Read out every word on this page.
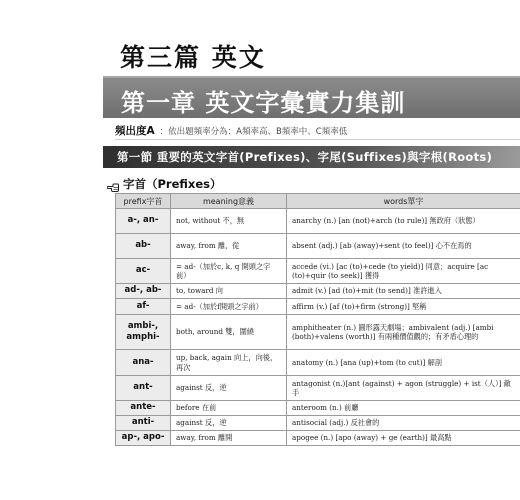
第三篇 英文
第一章 英文字彙實力集訓
頻出度A ：依出題頻率分為：A頻率高、B頻率中、C頻率低
第一節 重要的英文字首(Prefixes)、字尾(Suffixes)與字根(Roots)
字首（Prefixes）
prefix字首	meaning意義	words單字
a-, an-	not, without 不，無	anarchy (n.) [an (not)+arch (to rule)] 無政府（狀態）
ab-	away, from 離，從	absent (adj.) [ab (away)+sent (to feel)] 心不在焉的
ac-	= ad-（加於c, k, q 開頭之字前）	accede (vi.) [ac (to)+cede (to yield)] 同意；acquire [ac (to)+quir (to seek)] 獲得
ad-, ab-	to, toward 向	admit (v.) [ad (to)+mit (to send)] 准許進入
af-	= ad-（加於f開頭之字前）	affirm (v.) [af (to)+firm (strong)] 堅稱
ambi-, amphi-	both, around 雙，圍繞	amphitheater (n.) 圓形露天劇場；ambivalent (adj.) [ambi (both)+valens (worth)] 有兩種價值觀的；有矛盾心理的
ana-	up, back, again 向上，向後，再次	anatomy (n.) [ana (up)+tom (to cut)] 解剖
ant-	against 反，逆	antagonist (n.)[ant (against) + agon (struggle) + ist（人）] 敵手
ante-	before 在前	anteroom (n.) 前廳
anti-	against 反，逆	antisocial (adj.) 反社會的
ap-, apo-	away, from 離開	apogee (n.) [apo (away) + ge (earth)] 最高點
